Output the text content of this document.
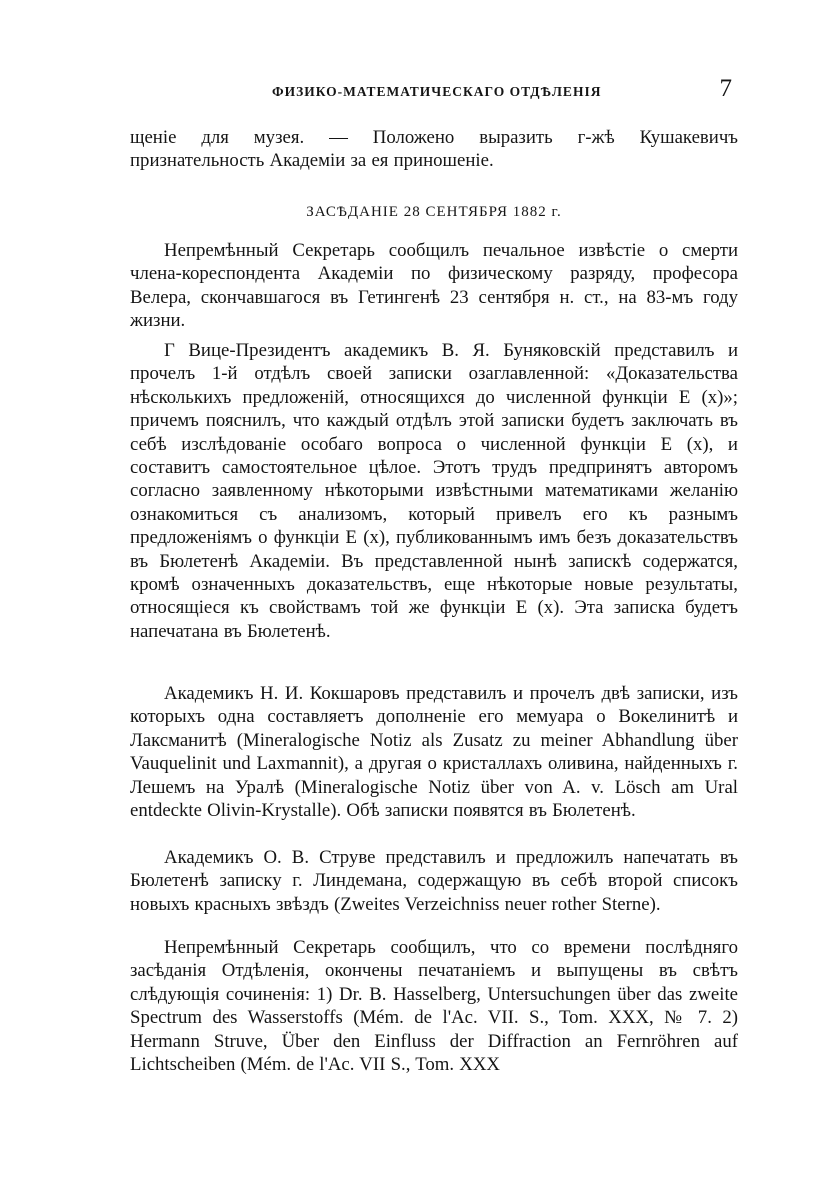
ФИЗИКО-МАТЕМАТИЧЕСКАГО ОТДѢЛЕНІЯ	7

щеніе для музея. — Положено выразить г-жѣ Кушакевичъ признательность Академіи за ея приношеніе.

ЗАСѢДАНІЕ 28 СЕНТЯБРЯ 1882 г.

Непремѣнный Секретарь сообщилъ печальное извѣстіе о смерти члена-кореспондента Академіи по физическому разряду, професора Велера, скончавшагося въ Гетингенѣ 23 сентября н. ст., на 83-мъ году жизни.

Г Вице-Президентъ академикъ В. Я. Буняковскій представилъ и прочелъ 1-й отдѣлъ своей записки озаглавленной: «Доказательства нѣсколькихъ предложеній, относящихся до численной функціи E (x)»; причемъ пояснилъ, что каждый отдѣлъ этой записки будетъ заключать въ себѣ изслѣдованіе особаго вопроса о численной функціи E (x), и составитъ самостоятельное цѣлое. Этотъ трудъ предпринятъ авторомъ согласно заявленному нѣкоторыми извѣстными математиками желанію ознакомиться съ анализомъ, который привелъ его къ разнымъ предложеніямъ о функціи E (x), публикованнымъ имъ безъ доказательствъ въ Бюлетенѣ Академіи. Въ представленной нынѣ запискѣ содержатся, кромѣ означенныхъ доказательствъ, еще нѣкоторые новые результаты, относящіеся къ свойствамъ той же функціи E (x). Эта записка будетъ напечатана въ Бюлетенѣ.

Академикъ Н. И. Кокшаровъ представилъ и прочелъ двѣ записки, изъ которыхъ одна составляетъ дополненіе его мемуара о Вокелинитѣ и Лаксманитѣ (Mineralogische Notiz als Zusatz zu meiner Abhandlung über Vauquelinit und Laxmannit), а другая о кристаллахъ оливина, найденныхъ г. Лешемъ на Уралѣ (Mineralogische Notiz über von A. v. Lösch am Ural entdeckte Olivin-Krystalle). Обѣ записки появятся въ Бюлетенѣ.

Академикъ О. В. Струве представилъ и предложилъ напечатать въ Бюлетенѣ записку г. Линдемана, содержащую въ себѣ второй списокъ новыхъ красныхъ звѣздъ (Zweites Verzeichniss neuer rother Sterne).

Непремѣнный Секретарь сообщилъ, что со времени послѣдняго засѣданія Отдѣленія, окончены печатаніемъ и выпущены въ свѣтъ слѣдующія сочиненія: 1) Dr. B. Hasselberg, Untersuchungen über das zweite Spectrum des Wasserstoffs (Mém. de l'Ac. VII. S., Tom. XXX, № 7. 2) Hermann Struve, Über den Einfluss der Diffraction an Fernröhren auf Lichtscheiben (Mém. de l'Ac. VII S., Tom. XXX
